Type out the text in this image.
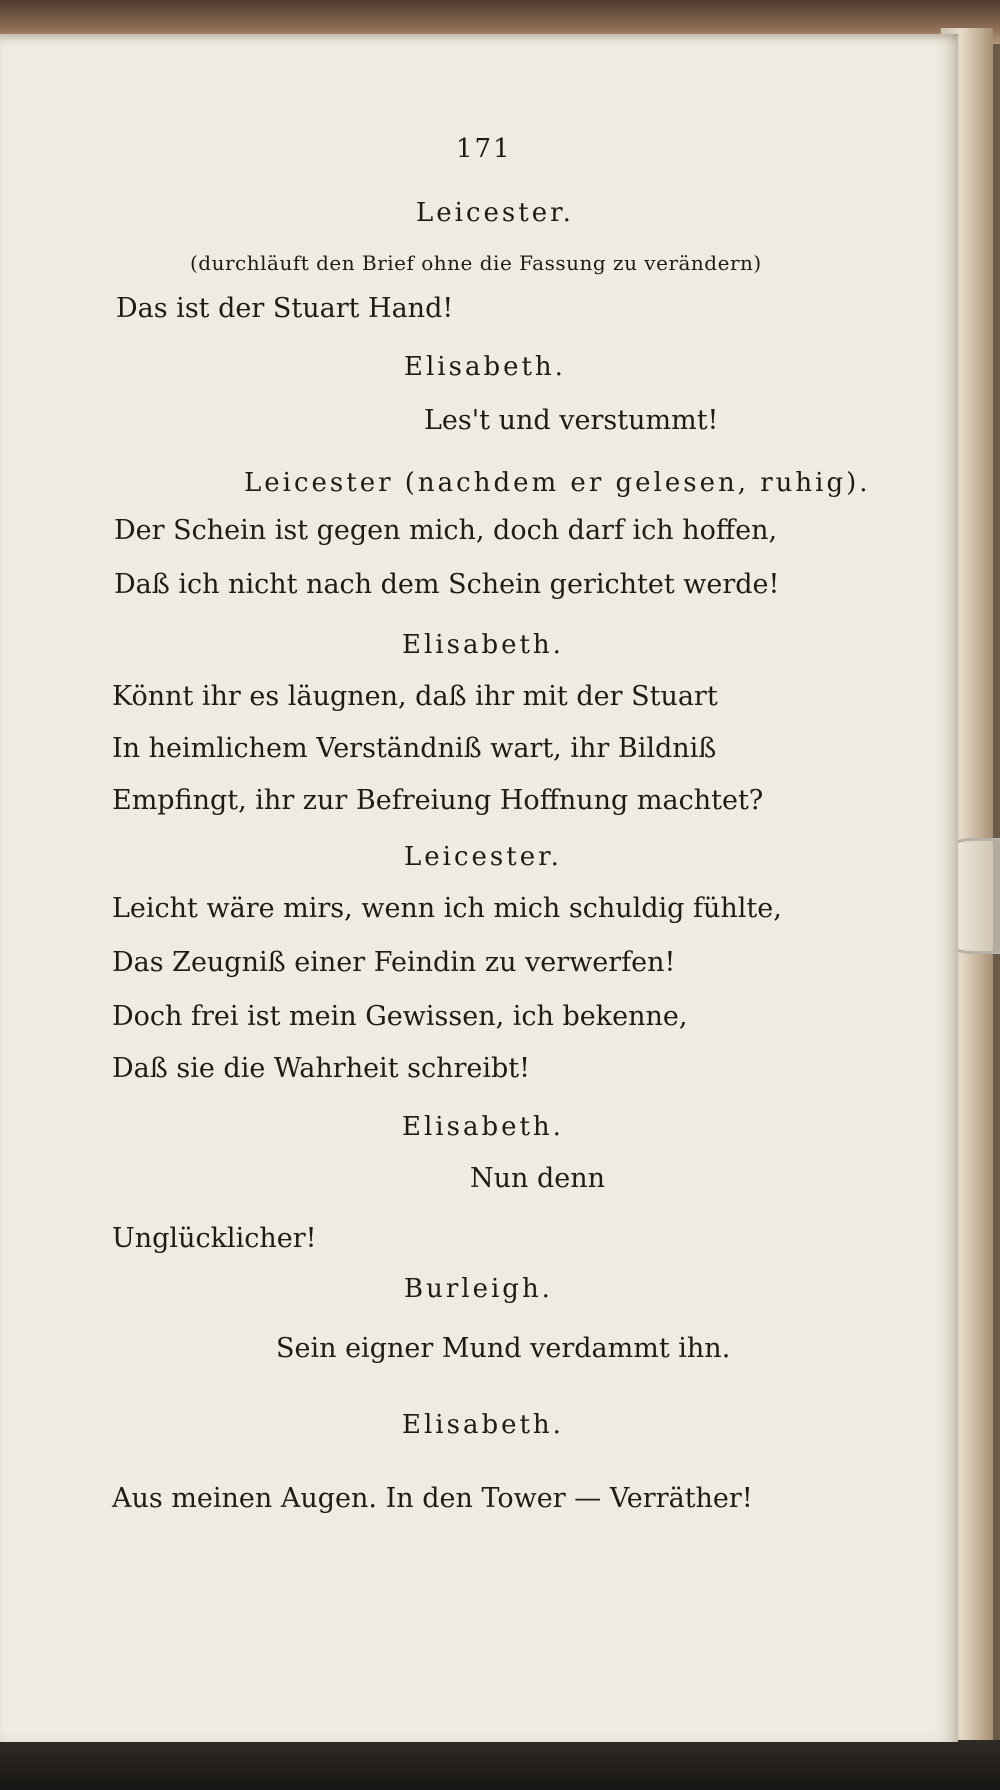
171
Leicester.
(durchläuft den Brief ohne die Fassung zu verändern)
Das ist der Stuart Hand!
Elisabeth.
Les't und verstummt!
Leicester (nachdem er gelesen, ruhig).
Der Schein ist gegen mich, doch darf ich hoffen,
Daß ich nicht nach dem Schein gerichtet werde!
Elisabeth.
Könnt ihr es läugnen, daß ihr mit der Stuart
In heimlichem Verständniß wart, ihr Bildniß
Empfingt, ihr zur Befreiung Hoffnung machtet?
Leicester.
Leicht wäre mirs, wenn ich mich schuldig fühlte,
Das Zeugniß einer Feindin zu verwerfen!
Doch frei ist mein Gewissen, ich bekenne,
Daß sie die Wahrheit schreibt!
Elisabeth.
Nun denn
Unglücklicher!
Burleigh.
Sein eigner Mund verdammt ihn.
Elisabeth.
Aus meinen Augen. In den Tower — Verräther!
